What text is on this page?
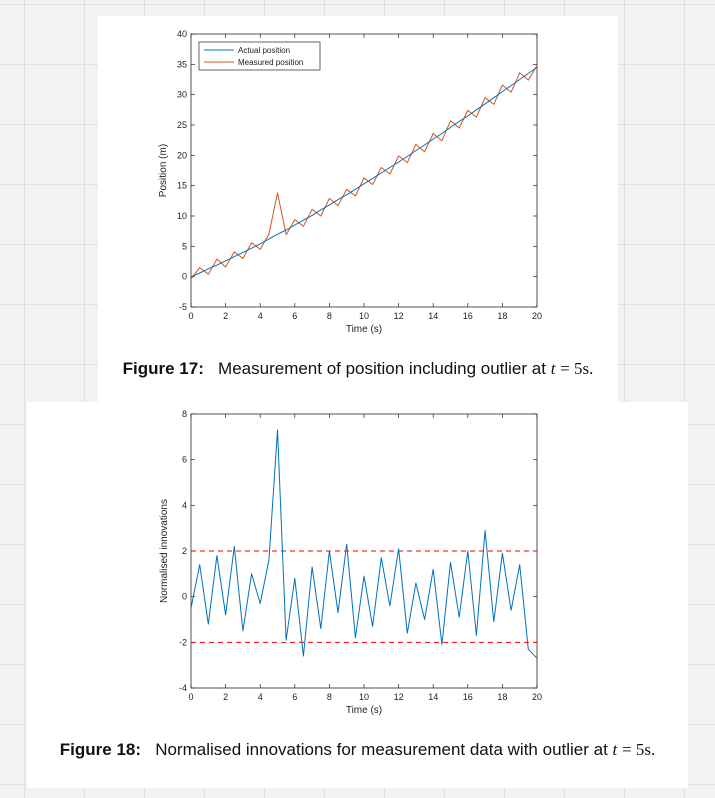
0	2	4	6	8	10	12	14	16	18	20
-5
0
5
10
15
20
25
30
35
40
Time (s)
Position (m)
Actual position
Measured position
Figure 17: Measurement of position including outlier at t = 5s.
0	2	4	6	8	10	12	14	16	18	20
-4
-2
0
2
4
6
8
Time (s)
Normalised innovations
Figure 18: Normalised innovations for measurement data with outlier at t = 5s.
